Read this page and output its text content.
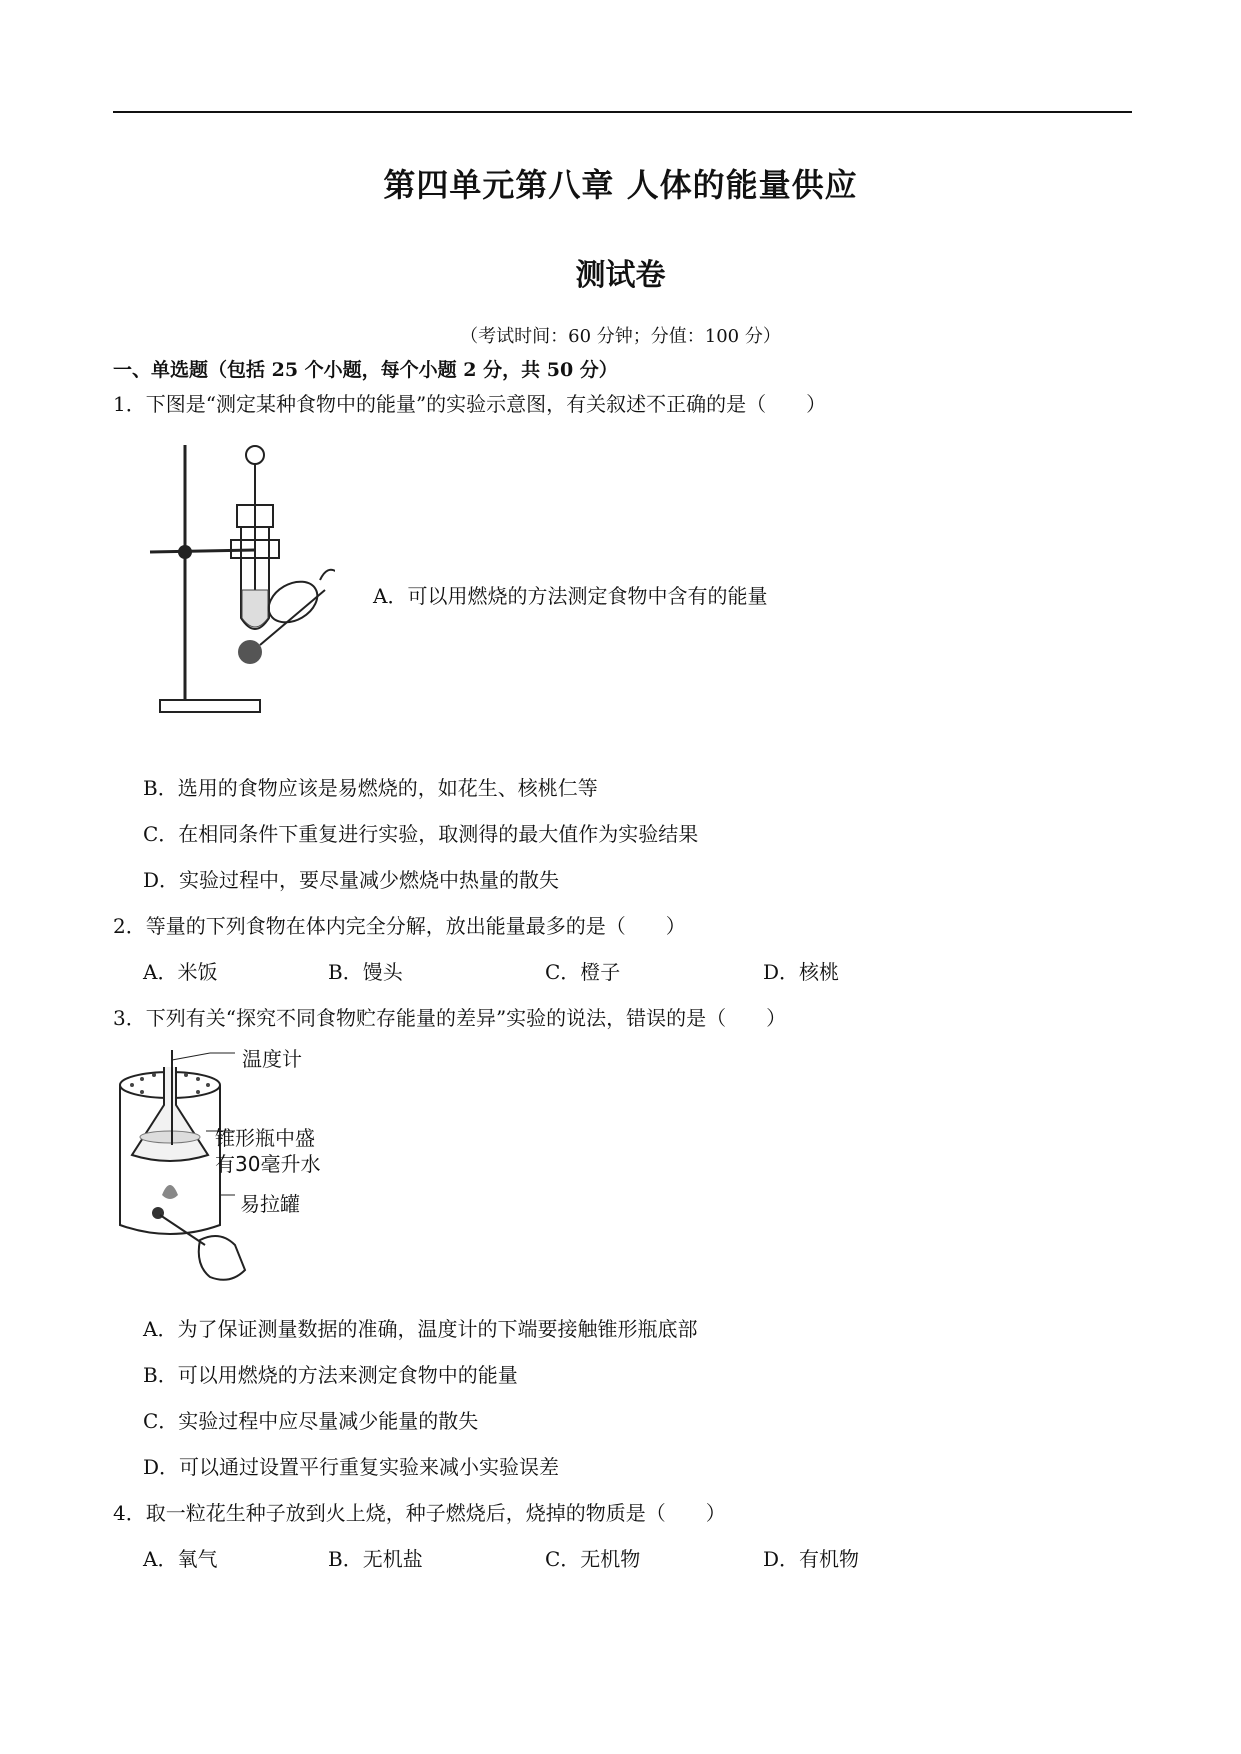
第四单元第八章 人体的能量供应
测试卷
（考试时间：60 分钟；分值：100 分）
一、单选题（包括 25 个小题，每个小题 2 分，共 50 分）
1．下图是“测定某种食物中的能量”的实验示意图，有关叙述不正确的是（　　）
A．可以用燃烧的方法测定食物中含有的能量
B．选用的食物应该是易燃烧的，如花生、核桃仁等
C．在相同条件下重复进行实验，取测得的最大值作为实验结果
D．实验过程中，要尽量减少燃烧中热量的散失
2．等量的下列食物在体内完全分解，放出能量最多的是（　　）
A．米饭	B．馒头	C．橙子	D．核桃
3．下列有关“探究不同食物贮存能量的差异”实验的说法，错误的是（　　）
温度计
锥形瓶中盛
有30毫升水
易拉罐
A．为了保证测量数据的准确，温度计的下端要接触锥形瓶底部
B．可以用燃烧的方法来测定食物中的能量
C．实验过程中应尽量减少能量的散失
D．可以通过设置平行重复实验来减小实验误差
4．取一粒花生种子放到火上烧，种子燃烧后，烧掉的物质是（　　）
A．氧气	B．无机盐	C．无机物	D．有机物
